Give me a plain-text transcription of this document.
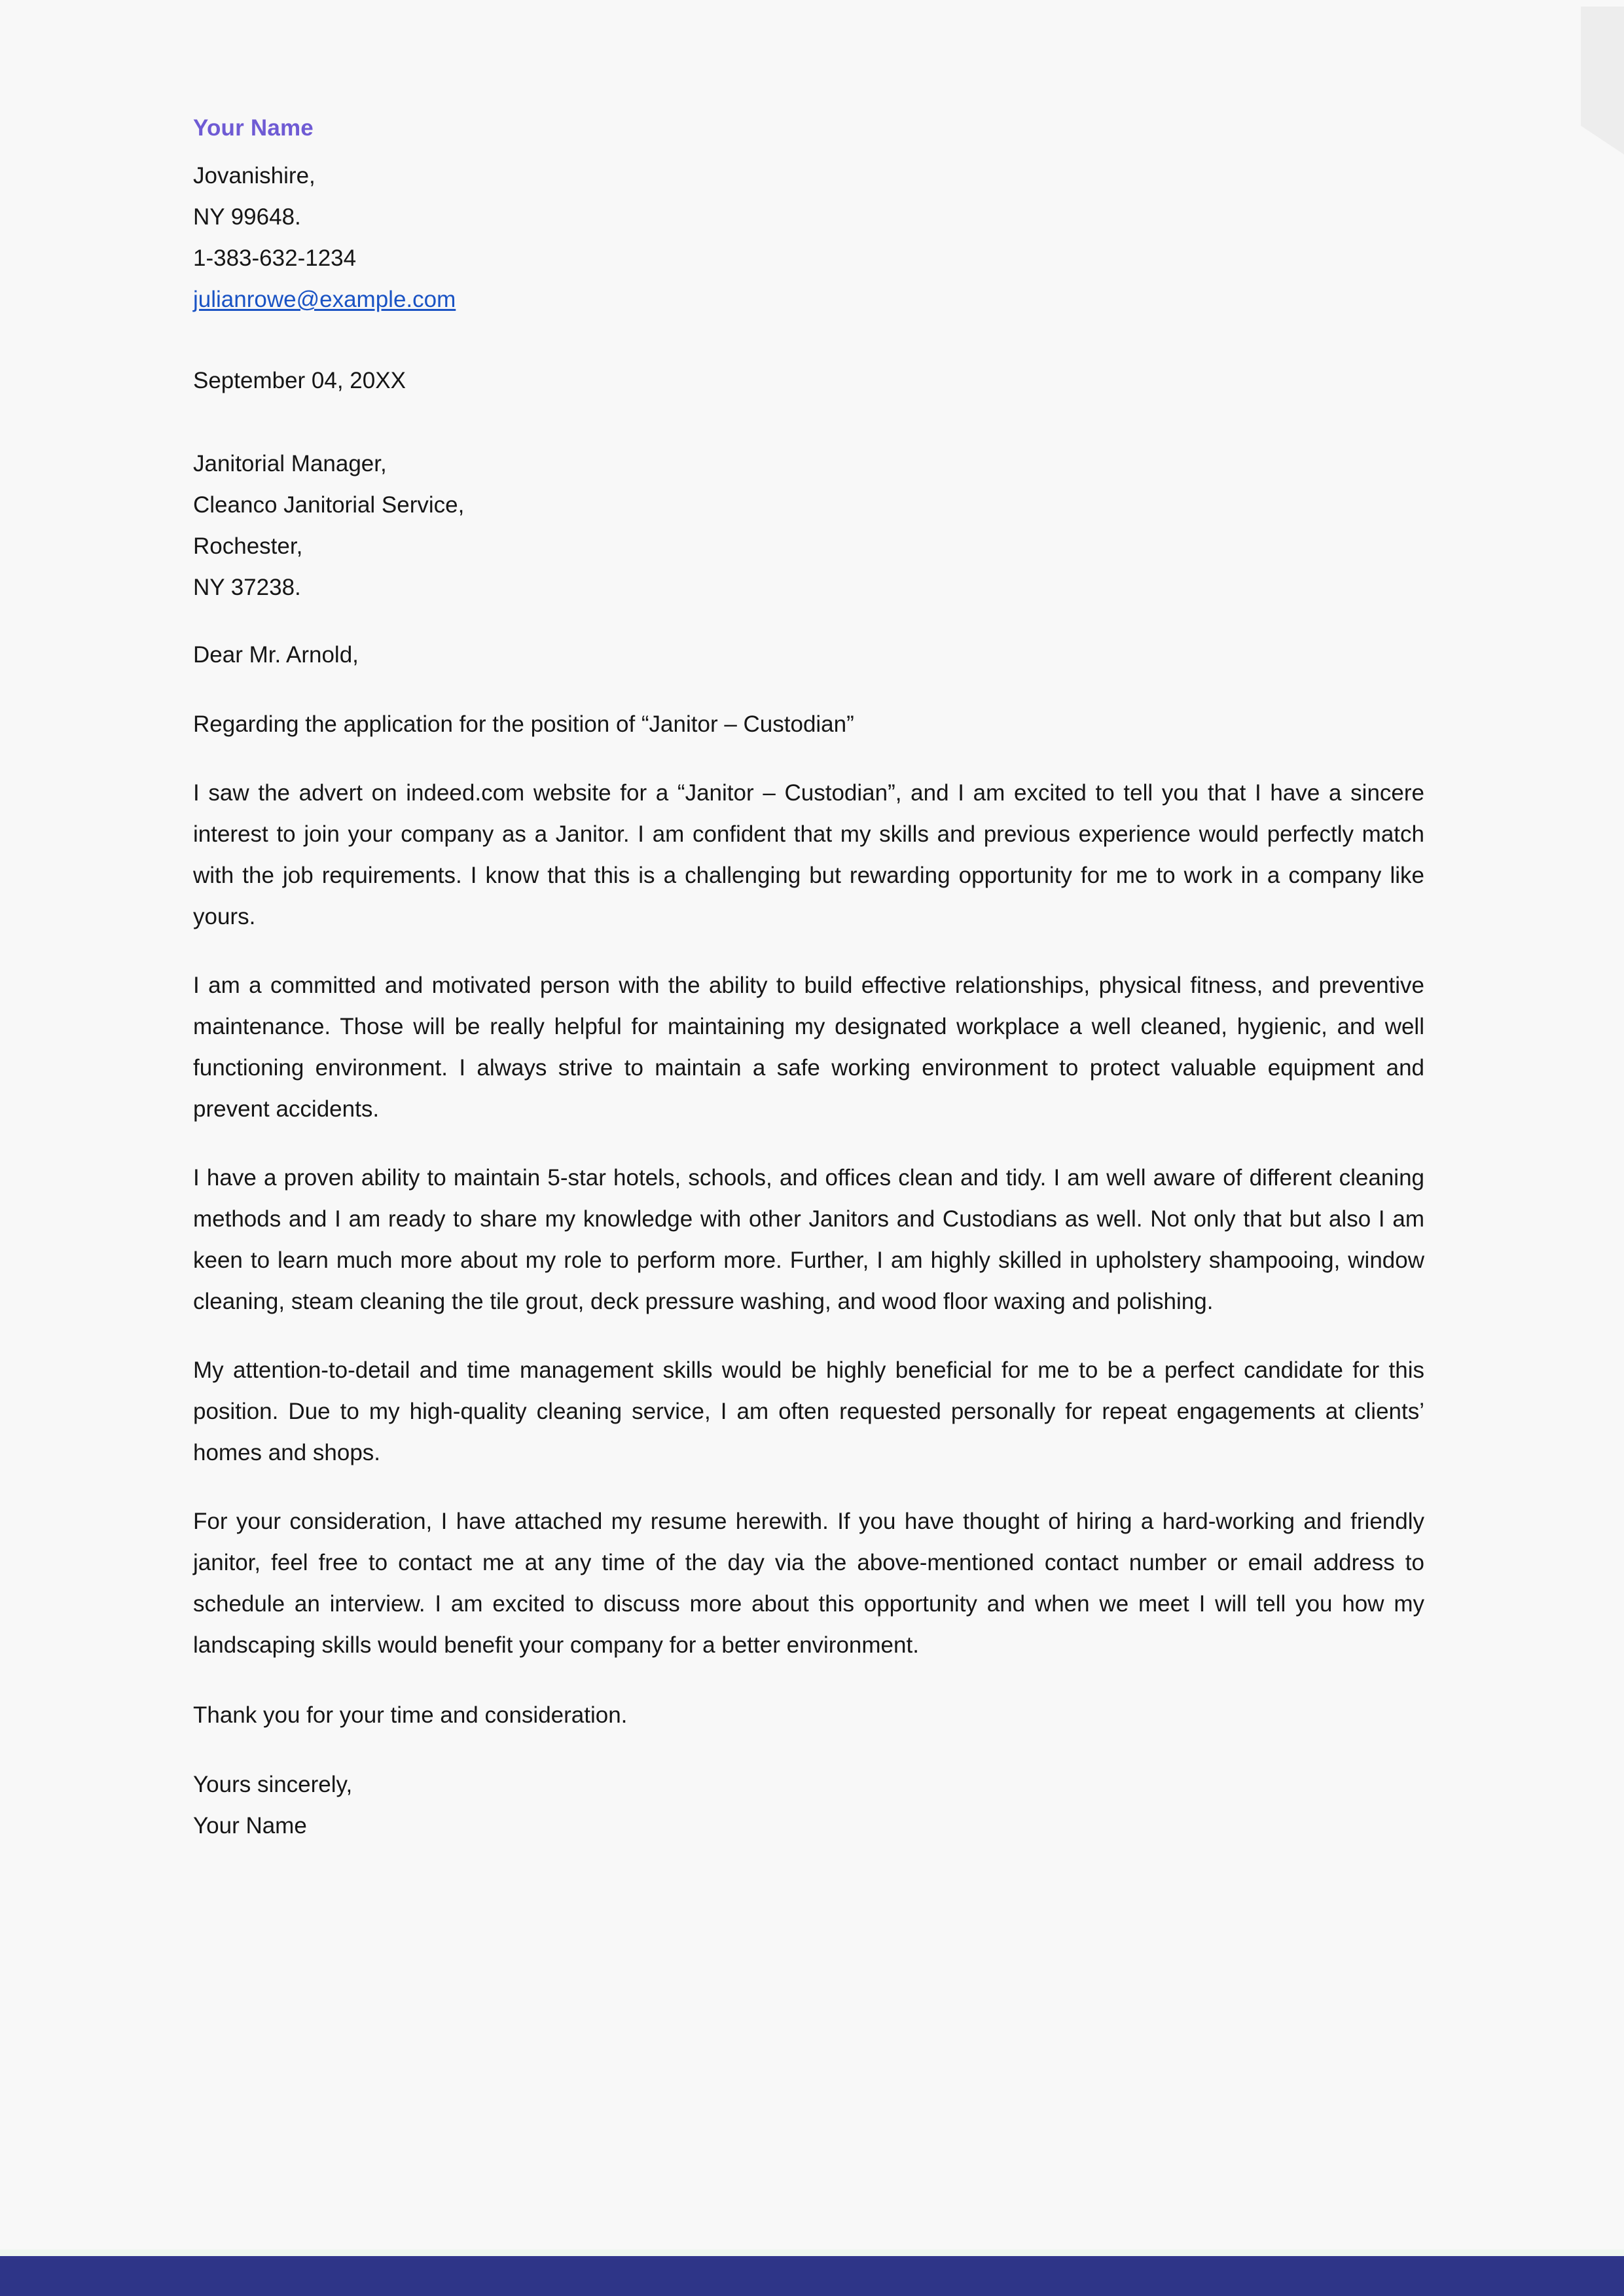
Your Name
Jovanishire,
NY 99648.
1-383-632-1234
julianrowe@example.com
September 04, 20XX
Janitorial Manager,
Cleanco Janitorial Service,
Rochester,
NY 37238.
Dear Mr. Arnold,
Regarding the application for the position of “Janitor – Custodian”
I saw the advert on indeed.com website for a “Janitor – Custodian”, and I am excited to tell you that I have a sincere interest to join your company as a Janitor. I am confident that my skills and previous experience would perfectly match with the job requirements. I know that this is a challenging but rewarding opportunity for me to work in a company like yours.
I am a committed and motivated person with the ability to build effective relationships, physical fitness, and preventive maintenance. Those will be really helpful for maintaining my designated workplace a well cleaned, hygienic, and well functioning environment. I always strive to maintain a safe working environment to protect valuable equipment and prevent accidents.
I have a proven ability to maintain 5-star hotels, schools, and offices clean and tidy. I am well aware of different cleaning methods and I am ready to share my knowledge with other Janitors and Custodians as well. Not only that but also I am keen to learn much more about my role to perform more. Further, I am highly skilled in upholstery shampooing, window cleaning, steam cleaning the tile grout, deck pressure washing, and wood floor waxing and polishing.
My attention-to-detail and time management skills would be highly beneficial for me to be a perfect candidate for this position. Due to my high-quality cleaning service, I am often requested personally for repeat engagements at clients’ homes and shops.
For your consideration, I have attached my resume herewith. If you have thought of hiring a hard-working and friendly janitor, feel free to contact me at any time of the day via the above-mentioned contact number or email address to schedule an interview. I am excited to discuss more about this opportunity and when we meet I will tell you how my landscaping skills would benefit your company for a better environment.
Thank you for your time and consideration.
Yours sincerely,
Your Name
